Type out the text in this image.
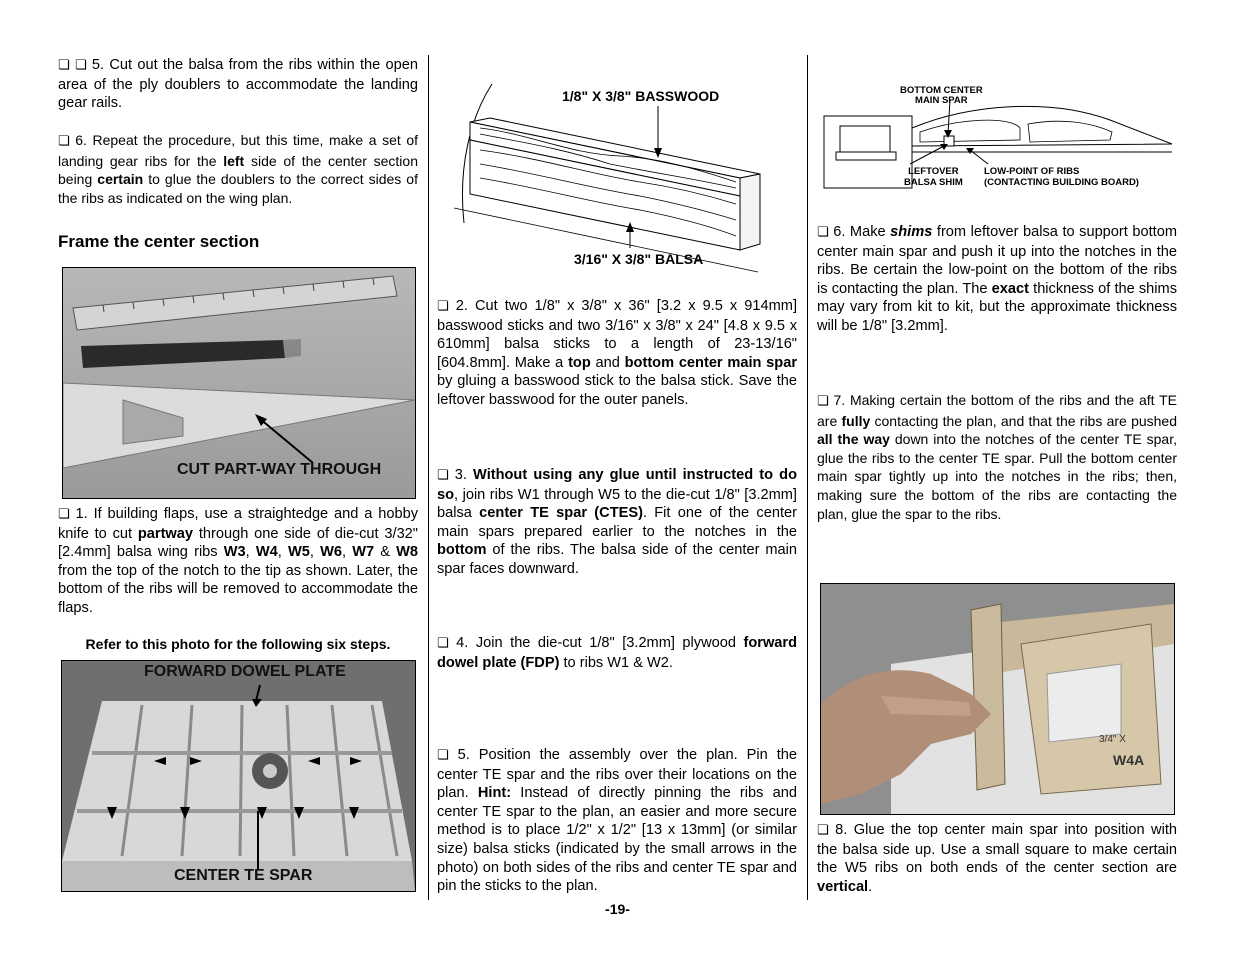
❏ ❏ 5. Cut out the balsa from the ribs within the open area of the ply doublers to accommodate the landing gear rails.

❏ 6. Repeat the procedure, but this time, make a set of landing gear ribs for the left side of the center section being certain to glue the doublers to the correct sides of the ribs as indicated on the wing plan.

Frame the center section
CUT PART-WAY THROUGH

❏ 1. If building flaps, use a straightedge and a hobby knife to cut partway through one side of die-cut 3/32" [2.4mm] balsa wing ribs W3, W4, W5, W6, W7 & W8 from the top of the notch to the tip as shown. Later, the bottom of the ribs will be removed to accommodate the flaps.

Refer to this photo for the following six steps.
FORWARD DOWEL PLATE
CENTER TE SPAR
1/8" X 3/8" BASSWOOD
3/16" X 3/8" BALSA

❏ 2. Cut two 1/8" x 3/8" x 36" [3.2 x 9.5 x 914mm] basswood sticks and two 3/16" x 3/8" x 24" [4.8 x 9.5 x 610mm] balsa sticks to a length of 23-13/16" [604.8mm]. Make a top and bottom center main spar by gluing a basswood stick to the balsa stick. Save the leftover basswood for the outer panels.

❏ 3. Without using any glue until instructed to do so, join ribs W1 through W5 to the die-cut 1/8" [3.2mm] balsa center TE spar (CTES). Fit one of the center main spars prepared earlier to the notches in the bottom of the ribs. The balsa side of the center main spar faces downward.

❏ 4. Join the die-cut 1/8" [3.2mm] plywood forward dowel plate (FDP) to ribs W1 & W2.

❏ 5. Position the assembly over the plan. Pin the center TE spar and the ribs over their locations on the plan. Hint: Instead of directly pinning the ribs and center TE spar to the plan, an easier and more secure method is to place 1/2" x 1/2" [13 x 13mm] (or similar size) balsa sticks (indicated by the small arrows in the photo) on both sides of the ribs and center TE spar and pin the sticks to the plan.

BOTTOM CENTER
MAIN SPAR
LEFTOVER
BALSA SHIM
LOW-POINT OF RIBS
(CONTACTING BUILDING BOARD)

❏ 6. Make shims from leftover balsa to support bottom center main spar and push it up into the notches in the ribs. Be certain the low-point on the bottom of the ribs is contacting the plan. The exact thickness of the shims may vary from kit to kit, but the approximate thickness will be 1/8" [3.2mm].

❏ 7. Making certain the bottom of the ribs and the aft TE are fully contacting the plan, and that the ribs are pushed all the way down into the notches of the center TE spar, glue the ribs to the center TE spar. Pull the bottom center main spar tightly up into the notches in the ribs; then, making sure the bottom of the ribs are contacting the plan, glue the spar to the ribs.

3/4" X
W4A

❏ 8. Glue the top center main spar into position with the balsa side up. Use a small square to make certain the W5 ribs on both ends of the center section are vertical.

-19-
